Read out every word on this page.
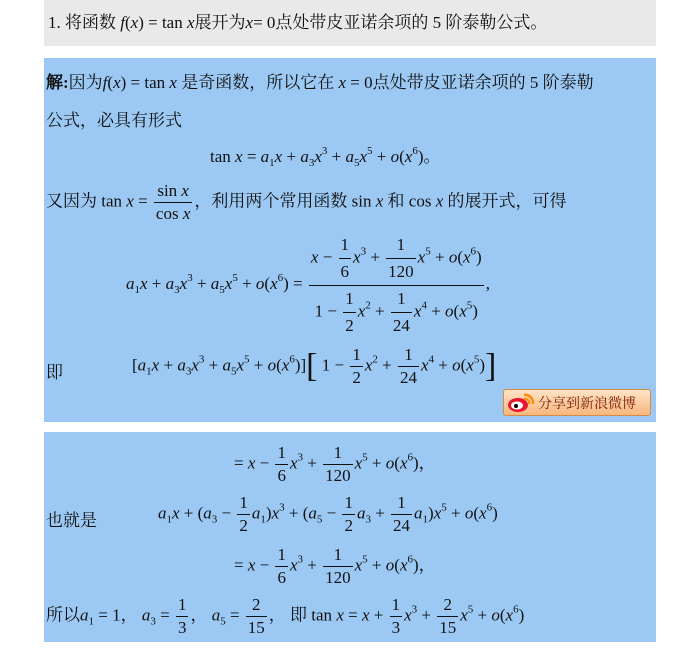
1. 将函数 f(x) = tan x展开为x= 0点处带皮亚诺余项的 5 阶泰勒公式。
解:因为f(x) = tan x 是奇函数，所以它在 x = 0点处带皮亚诺余项的 5 阶泰勒
公式，必具有形式
$\tan x = a_1x + a_3x^3 + a_5x^5 + o(x^6)$。
又因为 $\tan x = \frac{\text{sin x}}{\text{cos x}}$ ，利用两个常用函数 sin x 和 cos x 的展开式，可得
$a_1x + a_3x^3 + a_5x^5 + o(x^6) = \frac{x - \frac{1}{6} x^3 + \frac{1}{120} x^5 + o(x^6)}{1 - \frac{1}{2} x^2 + \frac{1}{24} x^4 + o(x^5)}$ ,
即	$[a_1x + a_3x^3 + a_5x^5 + o(x^6)]$[ $1 - \frac{1}{2} x^2 + \frac{1}{24} x^4 + o(x^5)$]
分享到新浪微博
= $x - \frac{1}{6} x^3 + \frac{1}{120} x^5 + o(x^6)$，
也就是	$a_1x + (a_3 - \frac{1}{2} a_1)x^3 + (a_5 - \frac{1}{2} a_3 + \frac{1}{24} a_1)x^5 + o(x^6)$
= $x - \frac{1}{6} x^3 + \frac{1}{120} x^5 + o(x^6)$，
所以$a_1 = 1$， $a_3 = \frac{1}{3}$ ， $a_5 = \frac{2}{15}$ ， 即 $\tan x = x + \frac{1}{3} x^3 + \frac{2}{15} x^5 + o(x^6)$
